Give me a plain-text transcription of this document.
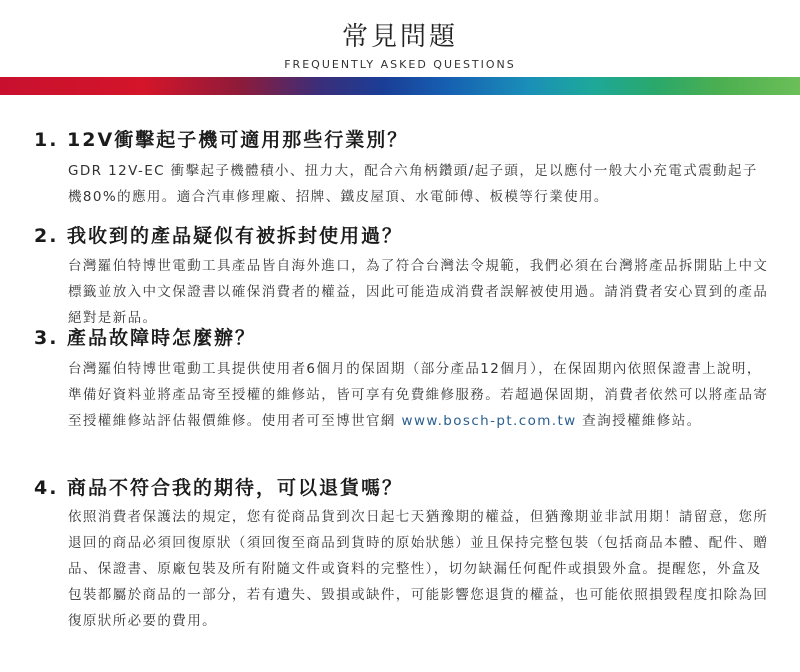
常見問題
FREQUENTLY ASKED QUESTIONS
1. 12V衝擊起子機可適用那些行業別？
GDR 12V-EC 衝擊起子機體積小、扭力大，配合六角柄鑽頭/起子頭，足以應付一般大小充電式震動起子機80%的應用。適合汽車修理廠、招牌、鐵皮屋頂、水電師傅、板模等行業使用。
2. 我收到的產品疑似有被拆封使用過？
台灣羅伯特博世電動工具產品皆自海外進口，為了符合台灣法令規範，我們必須在台灣將產品拆開貼上中文標籤並放入中文保證書以確保消費者的權益，因此可能造成消費者誤解被使用過。請消費者安心買到的產品絕對是新品。
3. 產品故障時怎麼辦？
台灣羅伯特博世電動工具提供使用者6個月的保固期（部分產品12個月），在保固期內依照保證書上說明，準備好資料並將產品寄至授權的維修站，皆可享有免費維修服務。若超過保固期，消費者依然可以將產品寄至授權維修站評估報價維修。使用者可至博世官網 www.bosch-pt.com.tw 查詢授權維修站。
4. 商品不符合我的期待，可以退貨嗎？
依照消費者保護法的規定，您有從商品貨到次日起七天猶豫期的權益，但猶豫期並非試用期！請留意，您所退回的商品必須回復原狀（須回復至商品到貨時的原始狀態）並且保持完整包裝（包括商品本體、配件、贈品、保證書、原廠包裝及所有附隨文件或資料的完整性），切勿缺漏任何配件或損毀外盒。提醒您，外盒及包裝都屬於商品的一部分，若有遺失、毀損或缺件，可能影響您退貨的權益，也可能依照損毀程度扣除為回復原狀所必要的費用。
